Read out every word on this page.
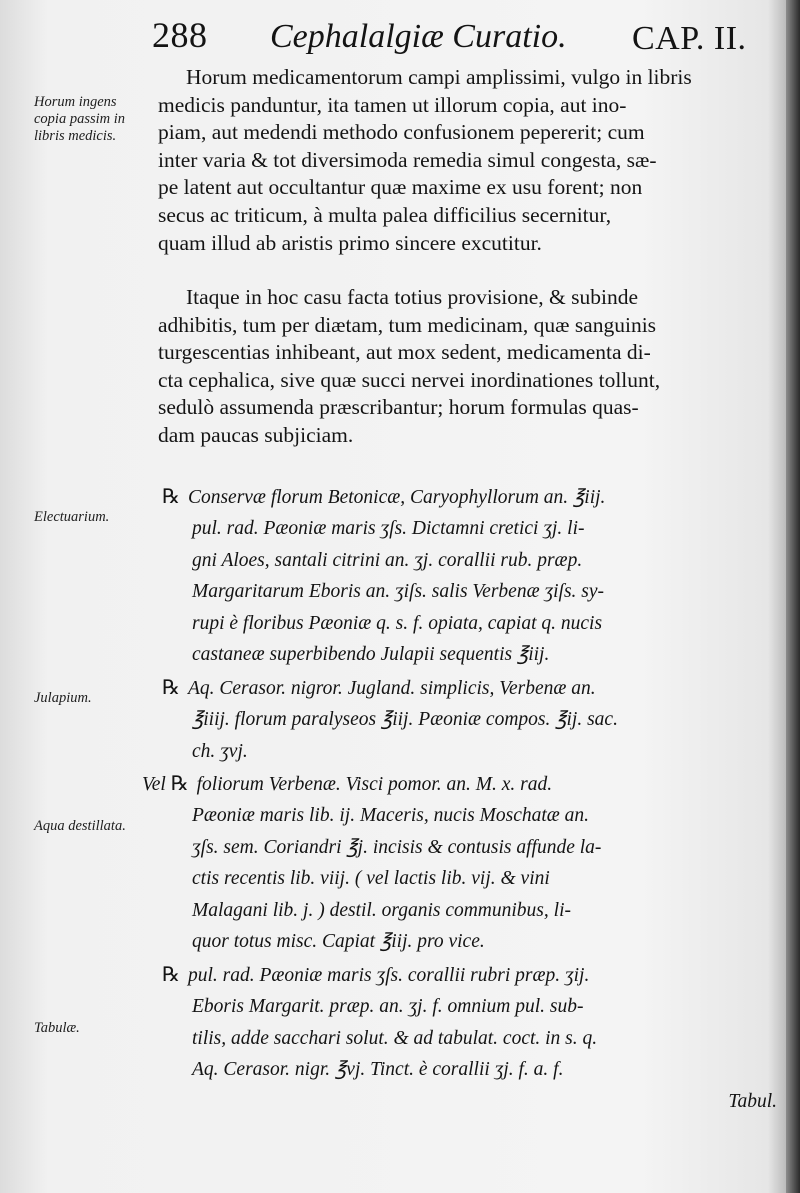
288 Cephalalgiæ Curatio. CAP. II.
Horum ingens copia passim in libris medicis.
Electuarium.
Julapium.
Aqua destillata.
Tabulæ.
Horum medicamentorum campi amplissimi, vulgo in libris
medicis panduntur, ita tamen ut illorum copia, aut ino-
piam, aut medendi methodo confusionem pepererit; cum
inter varia & tot diversimoda remedia simul congesta, sæ-
pe latent aut occultantur quæ maxime ex usu forent; non
secus ac triticum, à multa palea difficilius secernitur,
quam illud ab aristis primo sincere excutitur.
Itaque in hoc casu facta totius provisione, & subinde
adhibitis, tum per diætam, tum medicinam, quæ sanguinis
turgescentias inhibeant, aut mox sedent, medicamenta di-
cta cephalica, sive quæ succi nervei inordinationes tollunt,
sedulò assumenda præscribantur; horum formulas quas-
dam paucas subjiciam.
℞ Conservæ florum Betonicæ, Caryophyllorum an. ℥iij.
pul. rad. Pæoniæ maris ʒſs. Dictamni cretici ʒj. li-
gni Aloes, santali citrini an. ʒj. corallii rub. præp.
Margaritarum Eboris an. ʒiſs. salis Verbenæ ʒiſs. sy-
rupi è floribus Pæoniæ q. s. f. opiata, capiat q. nucis
castaneæ superbibendo Julapii sequentis ℥iij.
℞ Aq. Cerasor. nigror. Jugland. simplicis, Verbenæ an.
℥iiij. florum paralyseos ℥iij. Pæoniæ compos. ℥ij. sac.
ch. ʒvj.
Vel ℞ foliorum Verbenæ. Visci pomor. an. M. x. rad.
Pæoniæ maris lib. ij. Maceris, nucis Moschatæ an.
ʒſs. sem. Coriandri ℥j. incisis & contusis affunde la-
ctis recentis lib. viij. ( vel lactis lib. vij. & vini
Malagani lib. j. ) destil. organis communibus, li-
quor totus misc. Capiat ℥iij. pro vice.
℞ pul. rad. Pæoniæ maris ʒſs. corallii rubri præp. ʒij.
Eboris Margarit. præp. an. ʒj. f. omnium pul. sub-
tilis, adde sacchari solut. & ad tabulat. coct. in s. q.
Aq. Cerasor. nigr. ℥vj. Tinct. è corallii ʒj. f. a. f.
Tabul.
